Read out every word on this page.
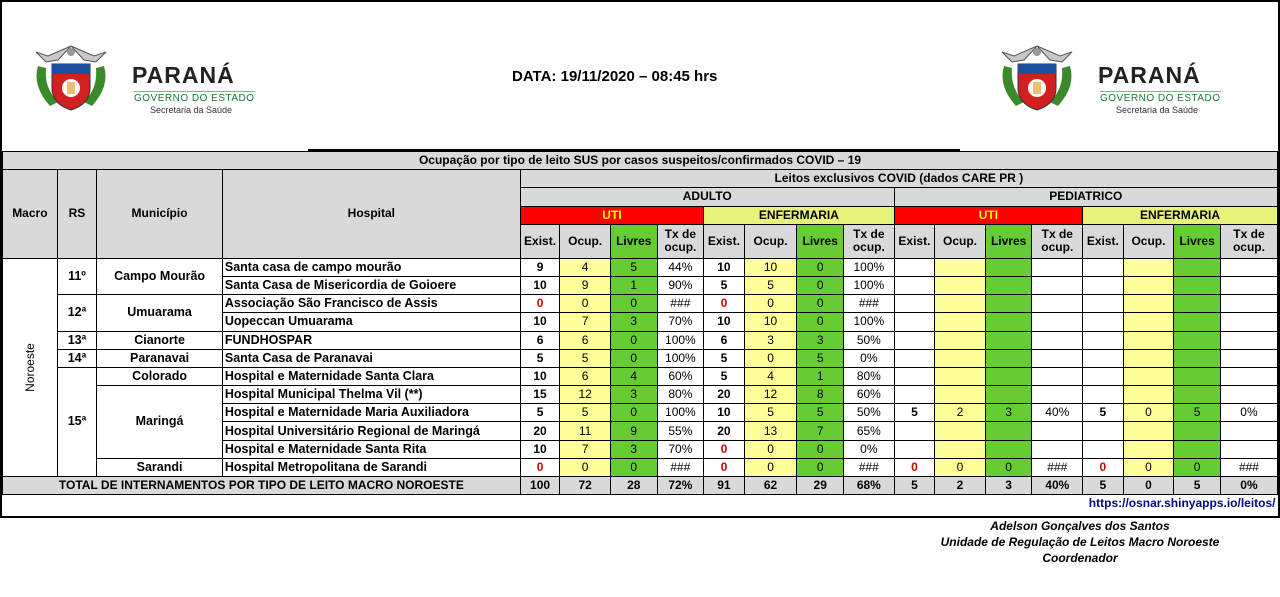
PARANÁ
GOVERNO DO ESTADO
Secretaria da Saúde
DATA: 19/11/2020 – 08:45 hrs	PARANÁ
GOVERNO DO ESTADO
Secretaria da Saúde
Ocupação por tipo de leito SUS por casos suspeitos/confirmados COVID – 19																			
Macro	RS	Município	Hospital	Leitos exclusivos COVID (dados CARE PR )															
				ADULTO								PEDIATRICO							
				UTI				ENFERMARIA				UTI				ENFERMARIA			
				Exist.	Ocup.	Livres	Tx de ocup.	Exist.	Ocup.	Livres	Tx de ocup.	Exist.	Ocup.	Livres	Tx de ocup.	Exist.	Ocup.	Livres	Tx de ocup.
Noroeste	11º	Campo Mourão	Santa casa de campo mourão	9	4	5	44%	10	10	0	100%								
			Santa Casa de Misericordia de Goioere	10	9	1	90%	5	5	0	100%								
	12ª	Umuarama	Associação São Francisco de Assis	0	0	0	###	0	0	0	###								
			Uopeccan Umuarama	10	7	3	70%	10	10	0	100%								
	13ª	Cianorte	FUNDHOSPAR	6	6	0	100%	6	3	3	50%								
	14ª	Paranavai	Santa Casa de Paranavai	5	5	0	100%	5	0	5	0%								
	15ª	Colorado	Hospital e Maternidade Santa Clara	10	6	4	60%	5	4	1	80%								
		Maringá	Hospital Municipal Thelma Vil (**)	15	12	3	80%	20	12	8	60%								
			Hospital e Maternidade Maria Auxiliadora	5	5	0	100%	10	5	5	50%	5	2	3	40%	5	0	5	0%
			Hospital Universitário Regional de Maringá	20	11	9	55%	20	13	7	65%								
			Hospital e Maternidade Santa Rita	10	7	3	70%	0	0	0	0%								
		Sarandi	Hospital Metropolitana de Sarandi	0	0	0	###	0	0	0	###	0	0	0	###	0	0	0	###
TOTAL DE INTERNAMENTOS POR TIPO DE LEITO MACRO NOROESTE				100	72	28	72%	91	62	29	68%	5	2	3	40%	5	0	5	0%
https://osnar.shinyapps.io/leitos/																			
Adelson Gonçalves dos Santos
Unidade de Regulação de Leitos Macro Noroeste
Coordenador
